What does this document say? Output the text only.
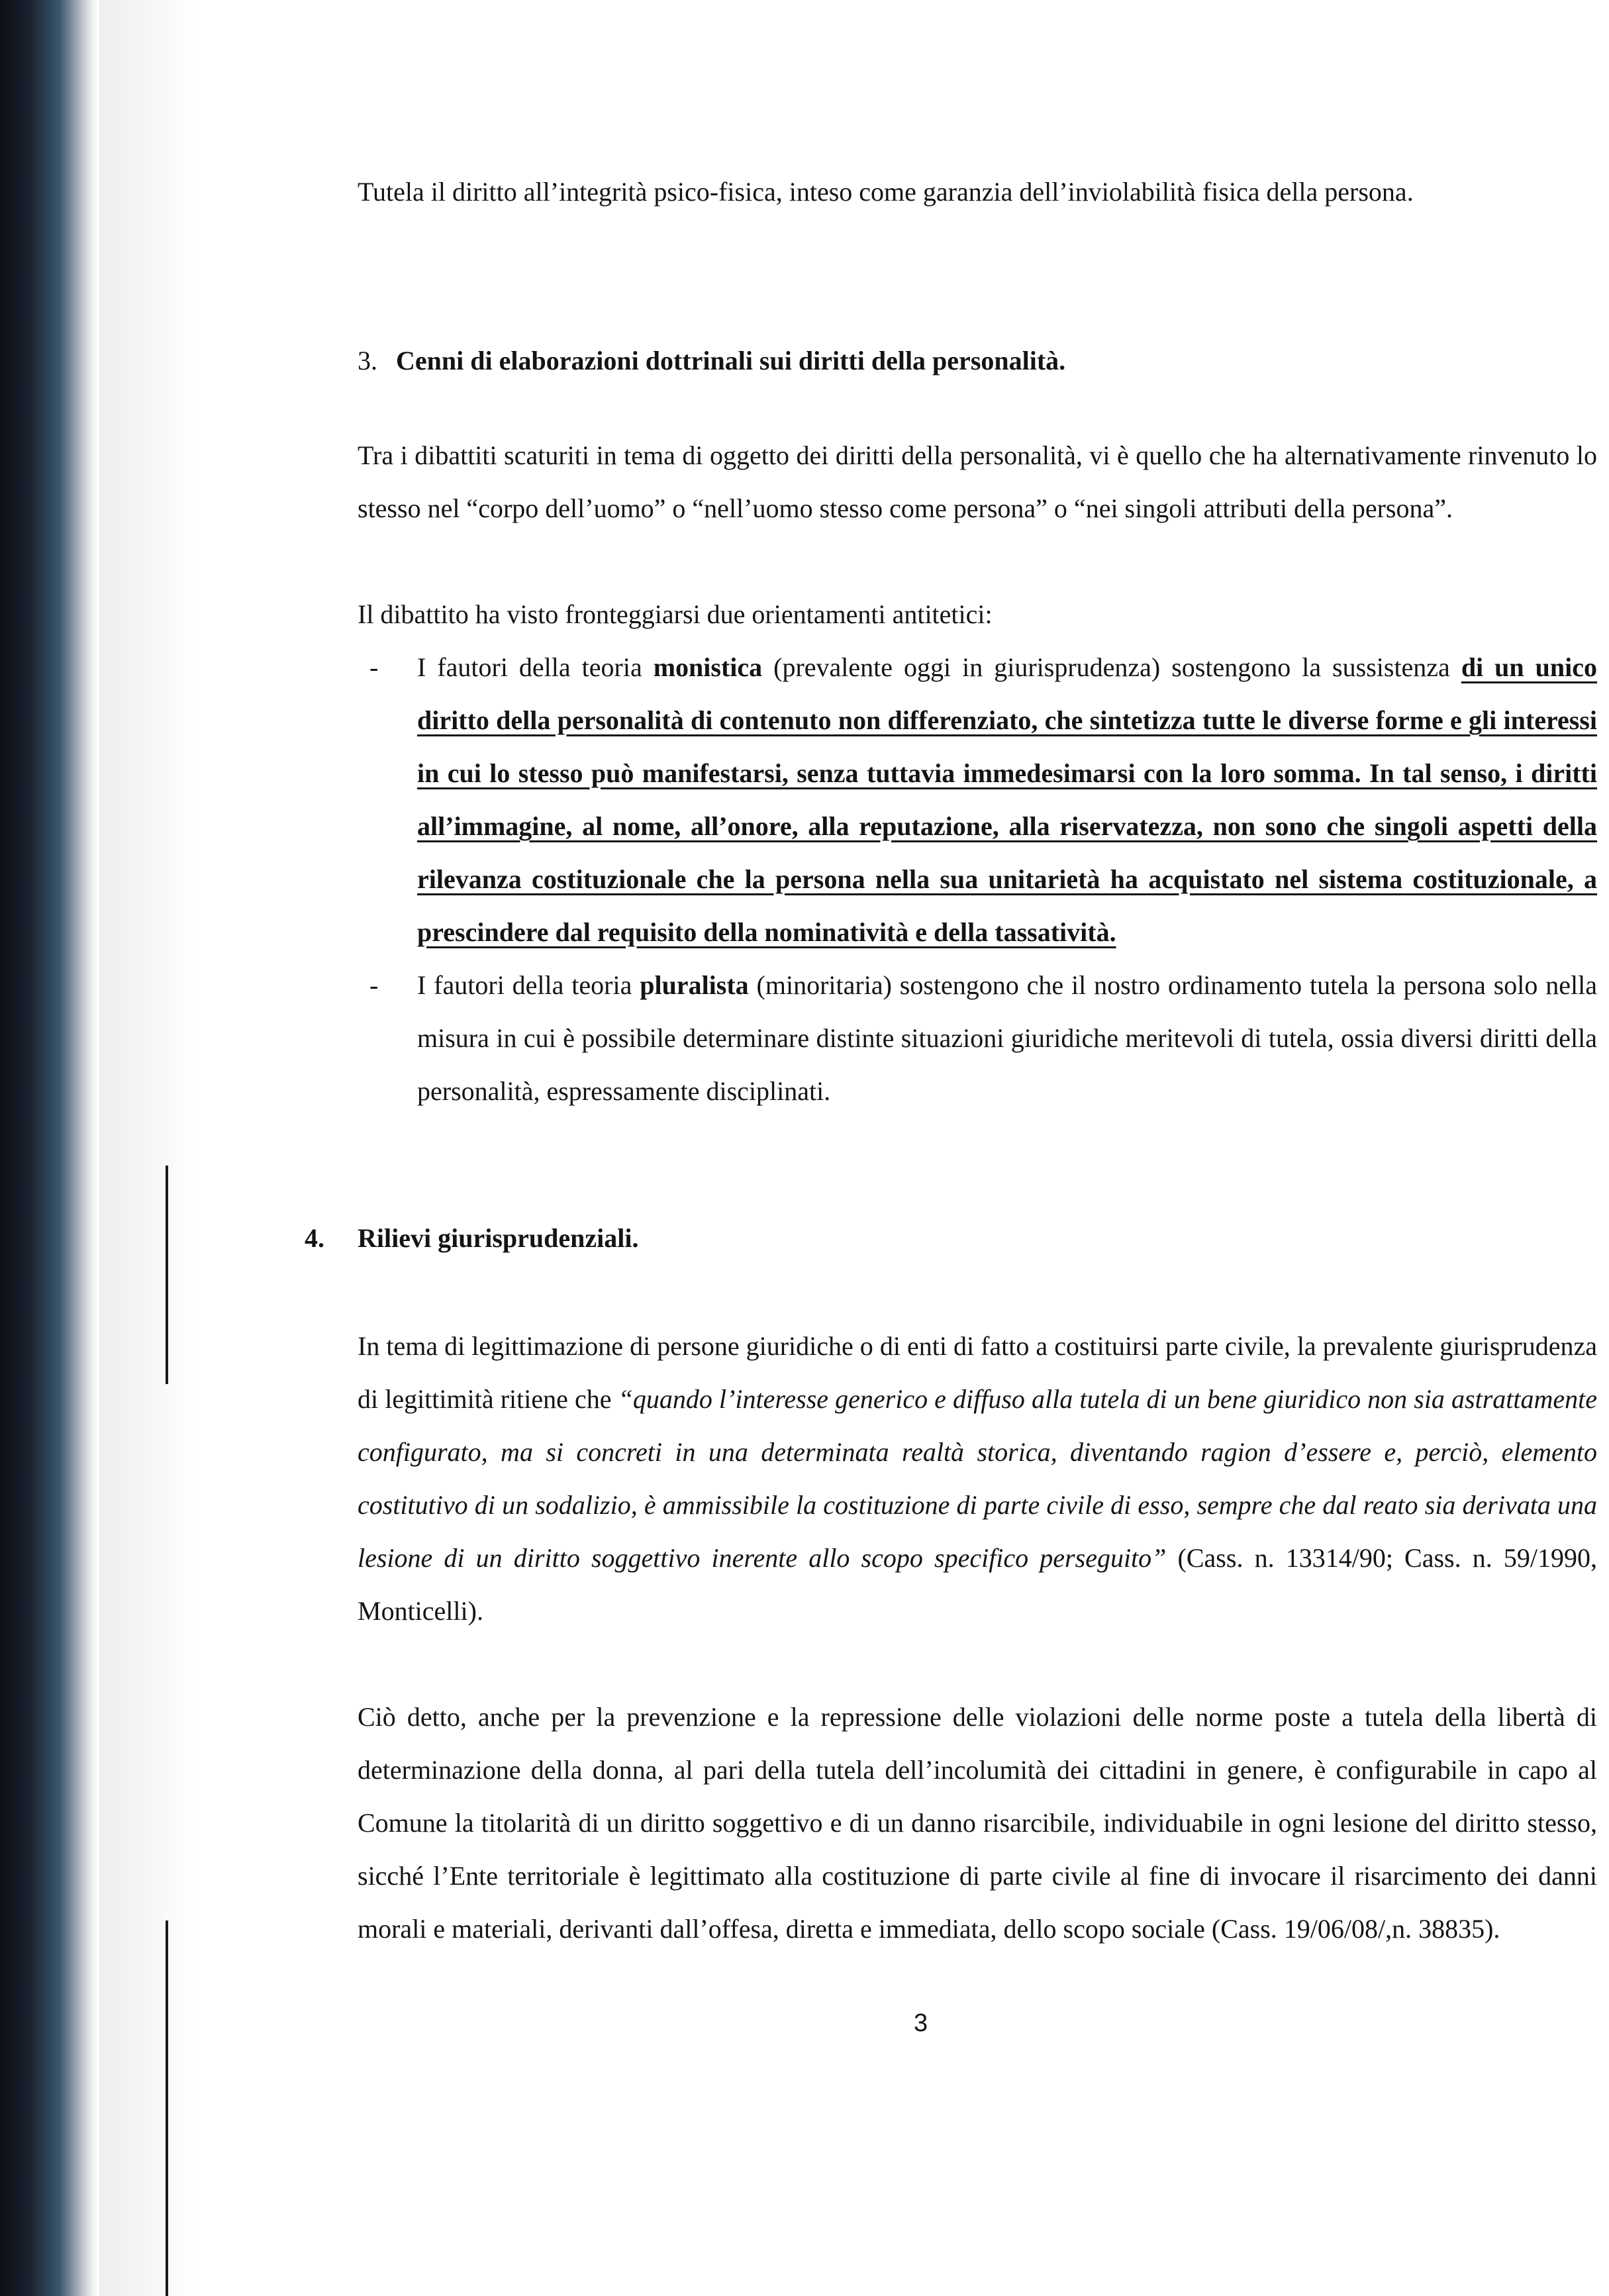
Tutela il diritto all’integrità psico-fisica, inteso come garanzia dell’inviolabilità fisica della persona.

3. Cenni di elaborazioni dottrinali sui diritti della personalità.

Tra i dibattiti scaturiti in tema di oggetto dei diritti della personalità, vi è quello che ha alternativamente rinvenuto lo stesso nel “corpo dell’uomo” o “nell’uomo stesso come persona” o “nei singoli attributi della persona”.

Il dibattito ha visto fronteggiarsi due orientamenti antitetici:

- I fautori della teoria monistica (prevalente oggi in giurisprudenza) sostengono la sussistenza di un unico diritto della personalità di contenuto non differenziato, che sintetizza tutte le diverse forme e gli interessi in cui lo stesso può manifestarsi, senza tuttavia immedesimarsi con la loro somma. In tal senso, i diritti all’immagine, al nome, all’onore, alla reputazione, alla riservatezza, non sono che singoli aspetti della rilevanza costituzionale che la persona nella sua unitarietà ha acquistato nel sistema costituzionale, a prescindere dal requisito della nominatività e della tassatività.

- I fautori della teoria pluralista (minoritaria) sostengono che il nostro ordinamento tutela la persona solo nella misura in cui è possibile determinare distinte situazioni giuridiche meritevoli di tutela, ossia diversi diritti della personalità, espressamente disciplinati.

4. Rilievi giurisprudenziali.

In tema di legittimazione di persone giuridiche o di enti di fatto a costituirsi parte civile, la prevalente giurisprudenza di legittimità ritiene che “quando l’interesse generico e diffuso alla tutela di un bene giuridico non sia astrattamente configurato, ma si concreti in una determinata realtà storica, diventando ragion d’essere e, perciò, elemento costitutivo di un sodalizio, è ammissibile la costituzione di parte civile di esso, sempre che dal reato sia derivata una lesione di un diritto soggettivo inerente allo scopo specifico perseguito” (Cass. n. 13314/90; Cass. n. 59/1990, Monticelli).

Ciò detto, anche per la prevenzione e la repressione delle violazioni delle norme poste a tutela della libertà di determinazione della donna, al pari della tutela dell’incolumità dei cittadini in genere, è configurabile in capo al Comune la titolarità di un diritto soggettivo e di un danno risarcibile, individuabile in ogni lesione del diritto stesso, sicché l’Ente territoriale è legittimato alla costituzione di parte civile al fine di invocare il risarcimento dei danni morali e materiali, derivanti dall’offesa, diretta e immediata, dello scopo sociale (Cass. 19/06/08/,n. 38835).

3
